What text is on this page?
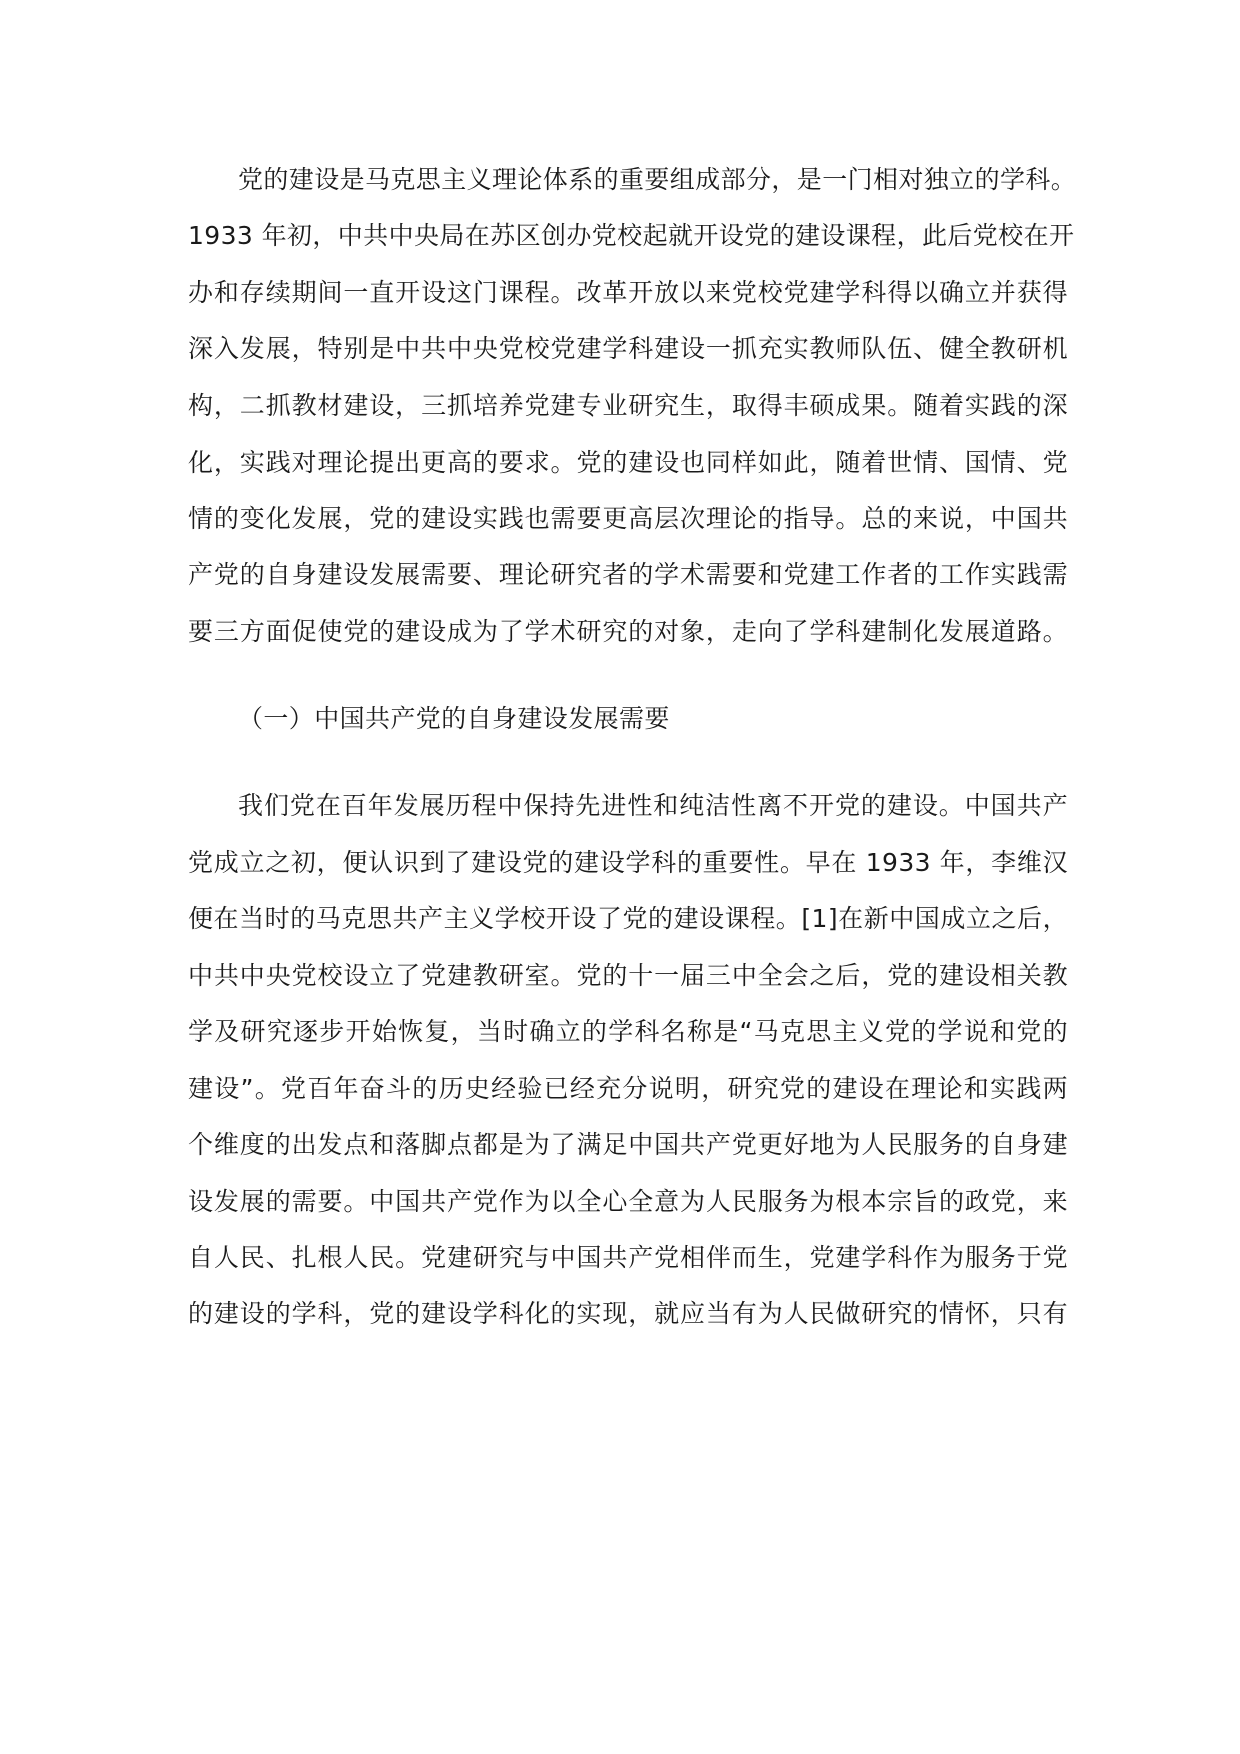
党的建设是马克思主义理论体系的重要组成部分，是一门相对独立的学科。
1933 年初，中共中央局在苏区创办党校起就开设党的建设课程，此后党校在开
办和存续期间一直开设这门课程。改革开放以来党校党建学科得以确立并获得
深入发展，特别是中共中央党校党建学科建设一抓充实教师队伍、健全教研机
构，二抓教材建设，三抓培养党建专业研究生，取得丰硕成果。随着实践的深
化，实践对理论提出更高的要求。党的建设也同样如此，随着世情、国情、党
情的变化发展，党的建设实践也需要更高层次理论的指导。总的来说，中国共
产党的自身建设发展需要、理论研究者的学术需要和党建工作者的工作实践需
要三方面促使党的建设成为了学术研究的对象，走向了学科建制化发展道路。
（一）中国共产党的自身建设发展需要
我们党在百年发展历程中保持先进性和纯洁性离不开党的建设。中国共产
党成立之初，便认识到了建设党的建设学科的重要性。早在 1933 年，李维汉
便在当时的马克思共产主义学校开设了党的建设课程。[1]在新中国成立之后，
中共中央党校设立了党建教研室。党的十一届三中全会之后，党的建设相关教
学及研究逐步开始恢复，当时确立的学科名称是“马克思主义党的学说和党的
建设”。党百年奋斗的历史经验已经充分说明，研究党的建设在理论和实践两
个维度的出发点和落脚点都是为了满足中国共产党更好地为人民服务的自身建
设发展的需要。中国共产党作为以全心全意为人民服务为根本宗旨的政党，来
自人民、扎根人民。党建研究与中国共产党相伴而生，党建学科作为服务于党
的建设的学科，党的建设学科化的实现，就应当有为人民做研究的情怀，只有
